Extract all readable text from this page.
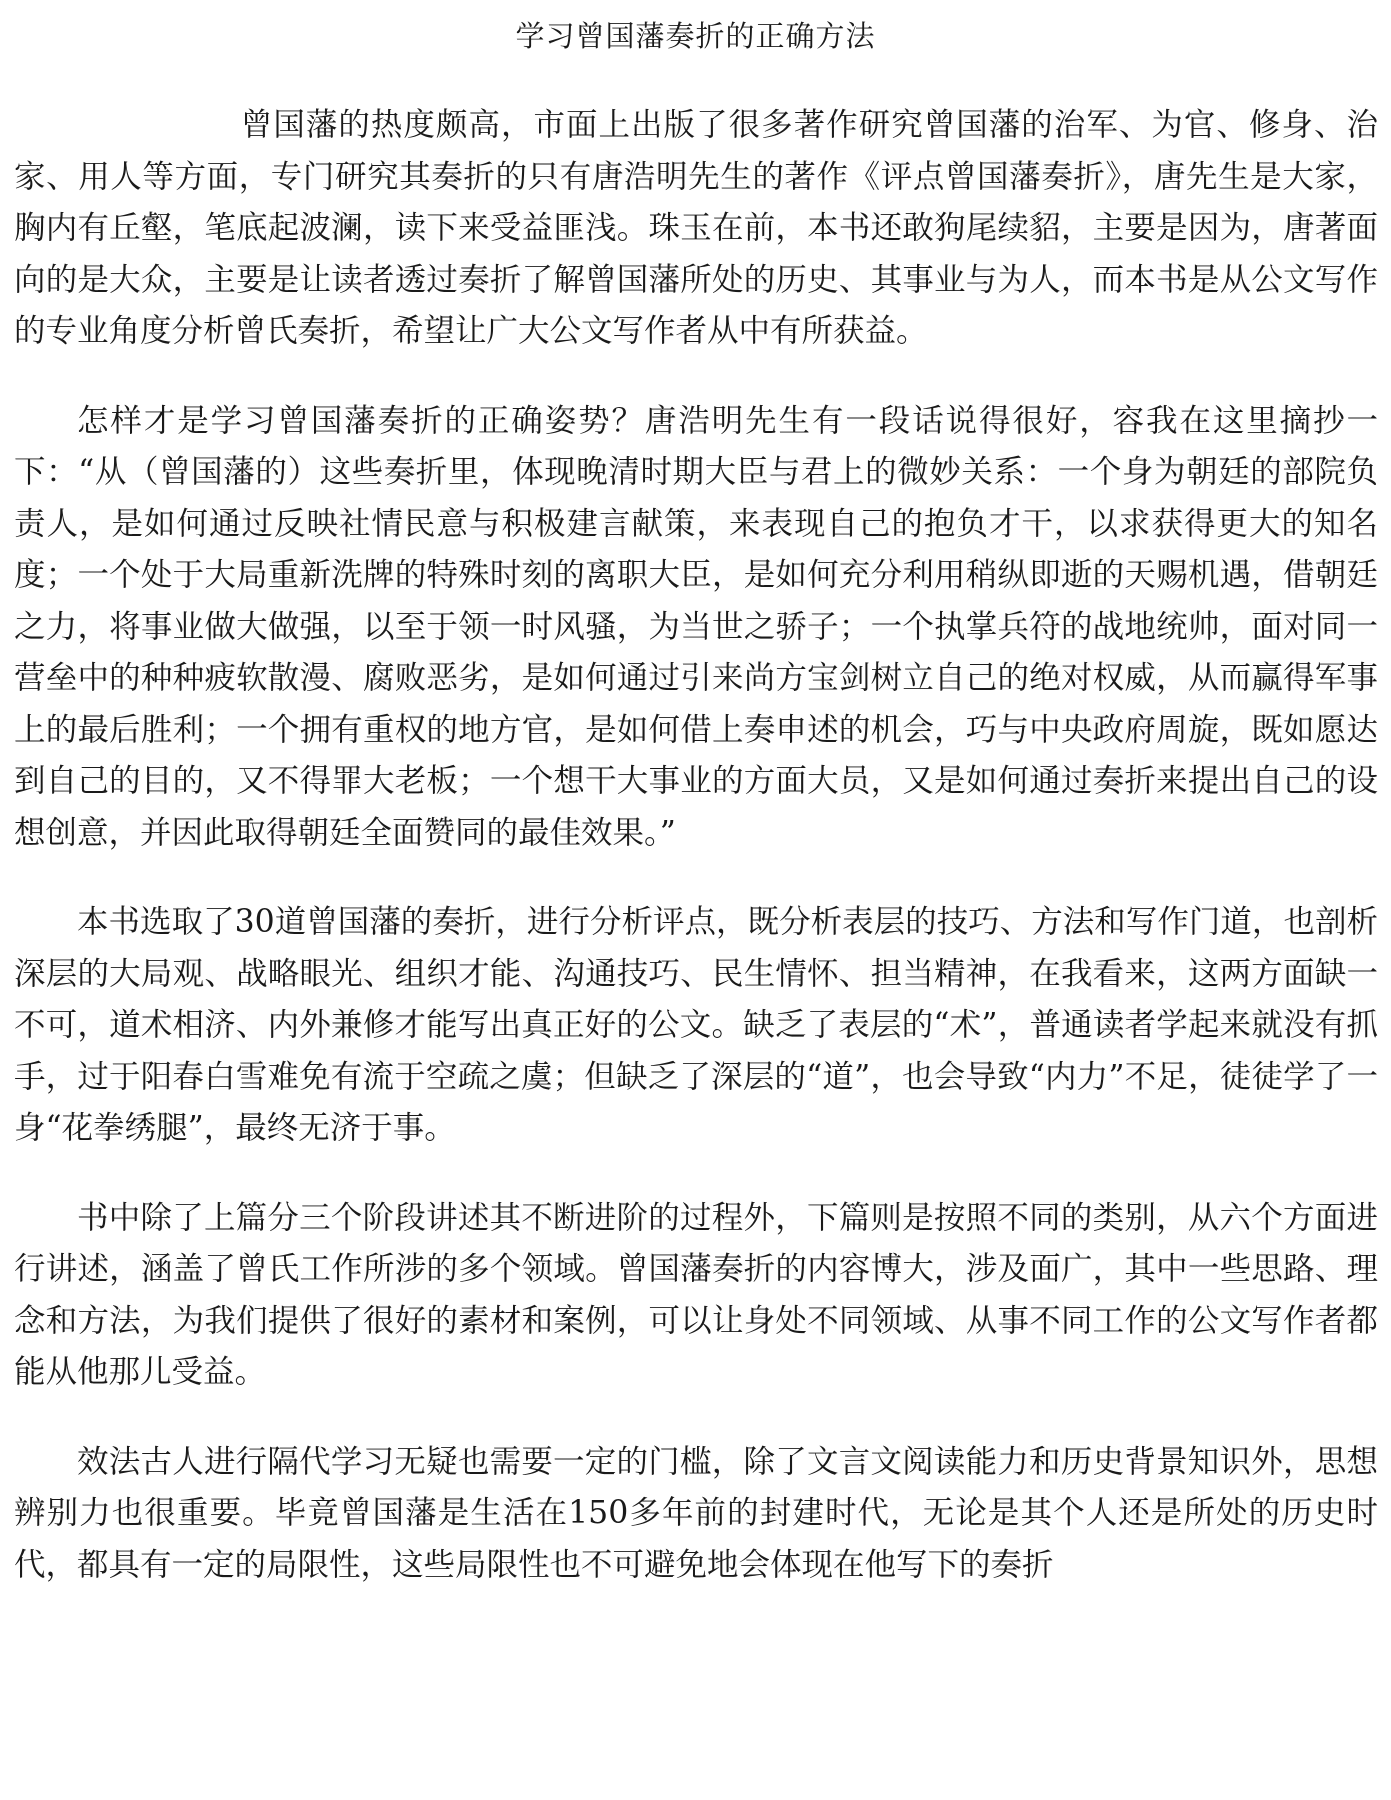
学习曾国藩奏折的正确方法

曾国藩的热度颇高，市面上出版了很多著作研究曾国藩的治军、为官、修身、治家、用人等方面，专门研究其奏折的只有唐浩明先生的著作《评点曾国藩奏折》，唐先生是大家，胸内有丘壑，笔底起波澜，读下来受益匪浅。珠玉在前，本书还敢狗尾续貂，主要是因为，唐著面向的是大众，主要是让读者透过奏折了解曾国藩所处的历史、其事业与为人，而本书是从公文写作的专业角度分析曾氏奏折，希望让广大公文写作者从中有所获益。

怎样才是学习曾国藩奏折的正确姿势？唐浩明先生有一段话说得很好，容我在这里摘抄一下：“从（曾国藩的）这些奏折里，体现晚清时期大臣与君上的微妙关系：一个身为朝廷的部院负责人，是如何通过反映社情民意与积极建言献策，来表现自己的抱负才干，以求获得更大的知名度；一个处于大局重新洗牌的特殊时刻的离职大臣，是如何充分利用稍纵即逝的天赐机遇，借朝廷之力，将事业做大做强，以至于领一时风骚，为当世之骄子；一个执掌兵符的战地统帅，面对同一营垒中的种种疲软散漫、腐败恶劣，是如何通过引来尚方宝剑树立自己的绝对权威，从而赢得军事上的最后胜利；一个拥有重权的地方官，是如何借上奏申述的机会，巧与中央政府周旋，既如愿达到自己的目的，又不得罪大老板；一个想干大事业的方面大员，又是如何通过奏折来提出自己的设想创意，并因此取得朝廷全面赞同的最佳效果。”

本书选取了30道曾国藩的奏折，进行分析评点，既分析表层的技巧、方法和写作门道，也剖析深层的大局观、战略眼光、组织才能、沟通技巧、民生情怀、担当精神，在我看来，这两方面缺一不可，道术相济、内外兼修才能写出真正好的公文。缺乏了表层的“术”，普通读者学起来就没有抓手，过于阳春白雪难免有流于空疏之虞；但缺乏了深层的“道”，也会导致“内力”不足，徒徒学了一身“花拳绣腿”，最终无济于事。

书中除了上篇分三个阶段讲述其不断进阶的过程外，下篇则是按照不同的类别，从六个方面进行讲述，涵盖了曾氏工作所涉的多个领域。曾国藩奏折的内容博大，涉及面广，其中一些思路、理念和方法，为我们提供了很好的素材和案例，可以让身处不同领域、从事不同工作的公文写作者都能从他那儿受益。

效法古人进行隔代学习无疑也需要一定的门槛，除了文言文阅读能力和历史背景知识外，思想辨别力也很重要。毕竟曾国藩是生活在150多年前的封建时代，无论是其个人还是所处的历史时代，都具有一定的局限性，这些局限性也不可避免地会体现在他写下的奏折
